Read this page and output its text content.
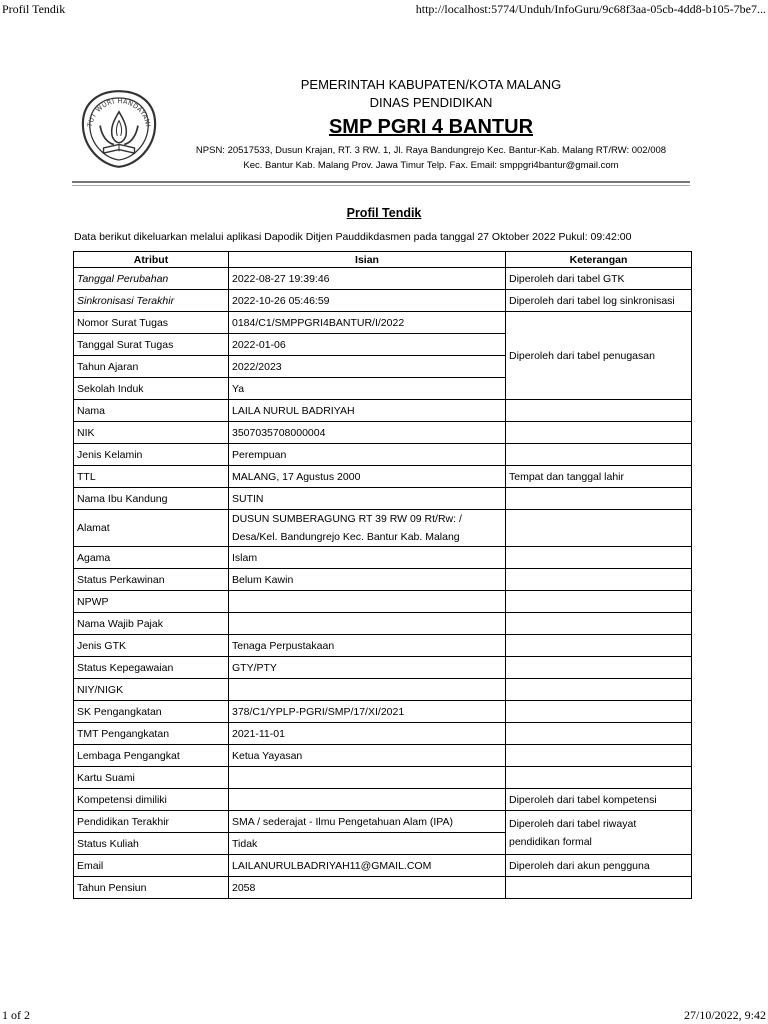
Profil Tendik	http://localhost:5774/Unduh/InfoGuru/9c68f3aa-05cb-4dd8-b105-7be7...
TUT WURI HANDAYANI
PEMERINTAH KABUPATEN/KOTA MALANG
DINAS PENDIDIKAN
SMP PGRI 4 BANTUR
NPSN: 20517533, Dusun Krajan, RT. 3 RW. 1, Jl. Raya Bandungrejo Kec. Bantur-Kab. Malang RT/RW: 002/008
Kec. Bantur Kab. Malang Prov. Jawa Timur Telp. Fax. Email: smppgri4bantur@gmail.com
Profil Tendik
Data berikut dikeluarkan melalui aplikasi Dapodik Ditjen Pauddikdasmen pada tanggal 27 Oktober 2022 Pukul: 09:42:00
Atribut	Isian	Keterangan
Tanggal Perubahan	2022-08-27 19:39:46	Diperoleh dari tabel GTK
Sinkronisasi Terakhir	2022-10-26 05:46:59	Diperoleh dari tabel log sinkronisasi
Nomor Surat Tugas	0184/C1/SMPPGRI4BANTUR/I/2022	Diperoleh dari tabel penugasan
Tanggal Surat Tugas	2022-01-06	
Tahun Ajaran	2022/2023	
Sekolah Induk	Ya	
Nama	LAILA NURUL BADRIYAH	
NIK	3507035708000004	
Jenis Kelamin	Perempuan	
TTL	MALANG, 17 Agustus 2000	Tempat dan tanggal lahir
Nama Ibu Kandung	SUTIN	
Alamat	DUSUN SUMBERAGUNG RT 39 RW 09 Rt/Rw: / Desa/Kel. Bandungrejo Kec. Bantur Kab. Malang	
Agama	Islam	
Status Perkawinan	Belum Kawin	
NPWP		
Nama Wajib Pajak		
Jenis GTK	Tenaga Perpustakaan	
Status Kepegawaian	GTY/PTY	
NIY/NIGK		
SK Pengangkatan	378/C1/YPLP-PGRI/SMP/17/XI/2021	
TMT Pengangkatan	2021-11-01	
Lembaga Pengangkat	Ketua Yayasan	
Kartu Suami		
Kompetensi dimiliki		Diperoleh dari tabel kompetensi
Pendidikan Terakhir	SMA / sederajat - Ilmu Pengetahuan Alam (IPA)	Diperoleh dari tabel riwayat pendidikan formal
Status Kuliah	Tidak	
Email	LAILANURULBADRIYAH11@GMAIL.COM	Diperoleh dari akun pengguna
Tahun Pensiun	2058	
1 of 2	27/10/2022, 9:42
